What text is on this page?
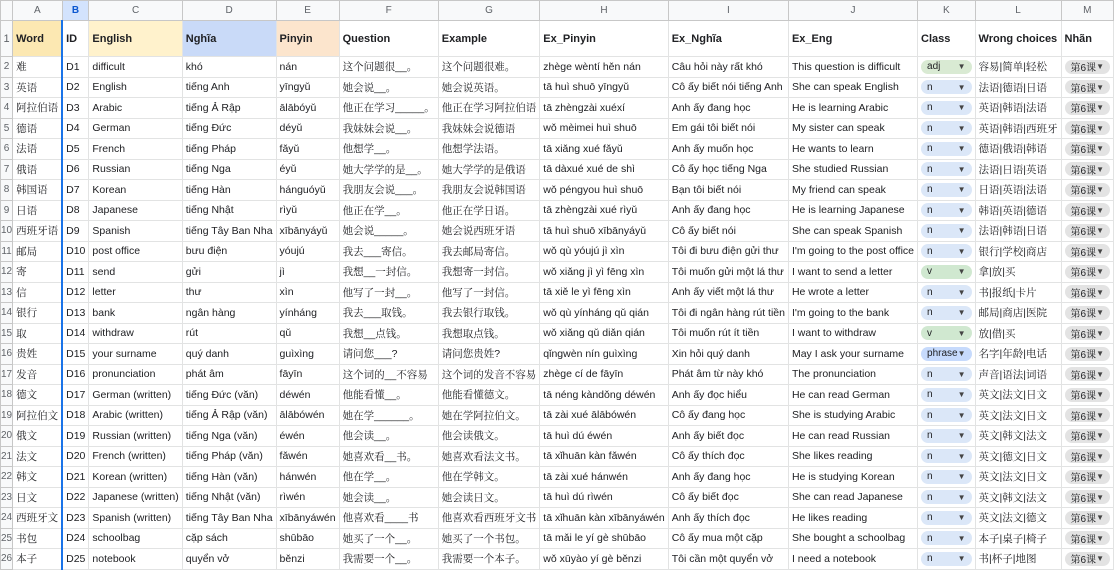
	A	B	C	D	E	F	G	H	I	J	K	L	M
1	Word	ID	English	Nghĩa	Pinyin	Question	Example	Ex_Pinyin	Ex_Nghĩa	Ex_Eng	Class	Wrong choices	Nhãn
2	难	D1	difficult	khó	nán	这个问题很__。	这个问题很难。	zhège wèntí hěn nán	Câu hỏi này rất khó	This question is difficult	adj ▼	容易|简单|轻松	第6课 ▼

3	英语	D2	English	tiếng Anh	yīngyǔ	她会说__。	她会说英语。	tā huì shuō yīngyǔ	Cô ấy biết nói tiếng Anh	She can speak English	n ▼	法语|德语|日语	第6课 ▼

4	阿拉伯语	D3	Arabic	tiếng Ả Rập	ālābóyǔ	他正在学习_____。	他正在学习阿拉伯语	tā zhèngzài xuéxí	Anh ấy đang học	He is learning Arabic	n ▼	英语|韩语|法语	第6课 ▼

5	德语	D4	German	tiếng Đức	déyǔ	我妹妹会说__。	我妹妹会说德语	wǒ mèimei huì shuō	Em gái tôi biết nói	My sister can speak	n ▼	英语|韩语|西班牙	第6课 ▼

6	法语	D5	French	tiếng Pháp	fǎyǔ	他想学__。	他想学法语。	tā xiǎng xué fǎyǔ	Anh ấy muốn học	He wants to learn	n ▼	德语|俄语|韩语	第6课 ▼

7	俄语	D6	Russian	tiếng Nga	éyǔ	她大学学的是__。	她大学学的是俄语	tā dàxué xué de shì	Cô ấy học tiếng Nga	She studied Russian	n ▼	法语|日语|英语	第6课 ▼

8	韩国语	D7	Korean	tiếng Hàn	hánguóyǔ	我朋友会说___。	我朋友会说韩国语	wǒ péngyou huì shuō	Bạn tôi biết nói	My friend can speak	n ▼	日语|英语|法语	第6课 ▼

9	日语	D8	Japanese	tiếng Nhật	rìyǔ	他正在学__。	他正在学日语。	tā zhèngzài xué rìyǔ	Anh ấy đang học	He is learning Japanese	n ▼	韩语|英语|德语	第6课 ▼

10	西班牙语	D9	Spanish	tiếng Tây Ban Nha	xībānyáyǔ	她会说_____。	她会说西班牙语	tā huì shuō xībānyáyǔ	Cô ấy biết nói	She can speak Spanish	n ▼	法语|韩语|日语	第6课 ▼

11	邮局	D10	post office	bưu điện	yóujú	我去___寄信。	我去邮局寄信。	wǒ qù yóujú jì xìn	Tôi đi bưu điện gửi thư	I'm going to the post office	n ▼	银行|学校|商店	第6课 ▼

12	寄	D11	send	gửi	jì	我想__一封信。	我想寄一封信。	wǒ xiǎng jì yì fēng xìn	Tôi muốn gửi một lá thư	I want to send a letter	v ▼	拿|放|买	第6课 ▼

13	信	D12	letter	thư	xìn	他写了一封__。	他写了一封信。	tā xiě le yì fēng xìn	Anh ấy viết một lá thư	He wrote a letter	n ▼	书|报纸|卡片	第6课 ▼

14	银行	D13	bank	ngân hàng	yínháng	我去___取钱。	我去银行取钱。	wǒ qù yínháng qǔ qián	Tôi đi ngân hàng rút tiền	I'm going to the bank	n ▼	邮局|商店|医院	第6课 ▼

15	取	D14	withdraw	rút	qǔ	我想__点钱。	我想取点钱。	wǒ xiǎng qǔ diǎn qián	Tôi muốn rút ít tiền	I want to withdraw	v ▼	放|借|买	第6课 ▼

16	贵姓	D15	your surname	quý danh	guìxìng	请问您___?	请问您贵姓?	qǐngwèn nín guìxìng	Xin hỏi quý danh	May I ask your surname	phrase ▼	名字|年龄|电话	第6课 ▼

17	发音	D16	pronunciation	phát âm	fāyīn	这个词的__不容易	这个词的发音不容易	zhège cí de fāyīn	Phát âm từ này khó	The pronunciation	n ▼	声音|语法|词语	第6课 ▼

18	德文	D17	German (written)	tiếng Đức (văn)	déwén	他能看懂__。	他能看懂德文。	tā néng kàndǒng déwén	Anh ấy đọc hiểu	He can read German	n ▼	英文|法文|日文	第6课 ▼

19	阿拉伯文	D18	Arabic (written)	tiếng Ả Rập (văn)	ālābówén	她在学______。	她在学阿拉伯文。	tā zài xué ālābówén	Cô ấy đang học	She is studying Arabic	n ▼	英文|法文|日文	第6课 ▼

20	俄文	D19	Russian (written)	tiếng Nga (văn)	éwén	他会读__。	他会读俄文。	tā huì dú éwén	Anh ấy biết đọc	He can read Russian	n ▼	英文|韩文|法文	第6课 ▼

21	法文	D20	French (written)	tiếng Pháp (văn)	fǎwén	她喜欢看__书。	她喜欢看法文书。	tā xǐhuān kàn fǎwén	Cô ấy thích đọc	She likes reading	n ▼	英文|德文|日文	第6课 ▼

22	韩文	D21	Korean (written)	tiếng Hàn (văn)	hánwén	他在学__。	他在学韩文。	tā zài xué hánwén	Anh ấy đang học	He is studying Korean	n ▼	英文|法文|日文	第6课 ▼

23	日文	D22	Japanese (written)	tiếng Nhật (văn)	rìwén	她会读__。	她会读日文。	tā huì dú rìwén	Cô ấy biết đọc	She can read Japanese	n ▼	英文|韩文|法文	第6课 ▼

24	西班牙文	D23	Spanish (written)	tiếng Tây Ban Nha	xībānyáwén	他喜欢看____书	他喜欢看西班牙文书	tā xǐhuān kàn xībānyáwén	Anh ấy thích đọc	He likes reading	n ▼	英文|法文|德文	第6课 ▼

25	书包	D24	schoolbag	cặp sách	shūbāo	她买了一个__。	她买了一个书包。	tā mǎi le yí gè shūbāo	Cô ấy mua một cặp	She bought a schoolbag	n ▼	本子|桌子|椅子	第6课 ▼

26	本子	D25	notebook	quyển vở	běnzi	我需要一个__。	我需要一个本子。	wǒ xūyào yí gè běnzi	Tôi cần một quyển vở	I need a notebook	n ▼	书|杯子|地图	第6课 ▼
